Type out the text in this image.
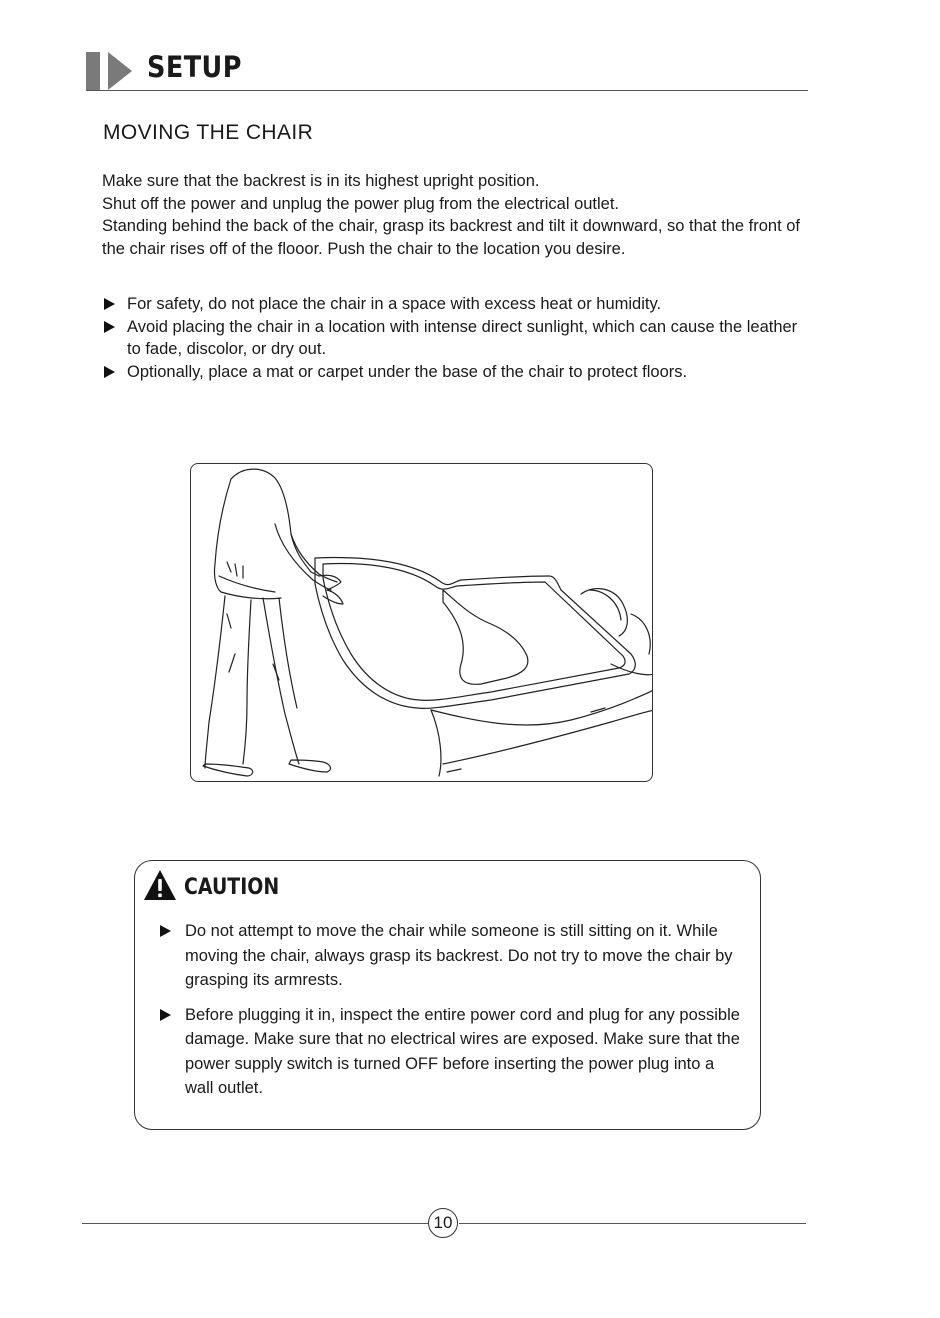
SETUP
MOVING THE CHAIR

Make sure that the backrest is in its highest upright position.

Shut off the power and unplug the power plug from the electrical outlet.

Standing behind the back of the chair, grasp its backrest and tilt it downward, so that the front of the chair rises off of the flooor. Push the chair to the location you desire.

For safety, do not place the chair in a space with excess heat or humidity.
Avoid placing the chair in a location with intense direct sunlight, which can cause the leather to fade, discolor, or dry out.
Optionally, place a mat or carpet under the base of the chair to protect floors.
CAUTION
Do not attempt to move the chair while someone is still sitting on it. While moving the chair, always grasp its backrest. Do not try to move the chair by grasping its armrests.
Before plugging it in, inspect the entire power cord and plug for any possible damage. Make sure that no electrical wires are exposed. Make sure that the power supply switch is turned OFF before inserting the power plug into a wall outlet.
10
